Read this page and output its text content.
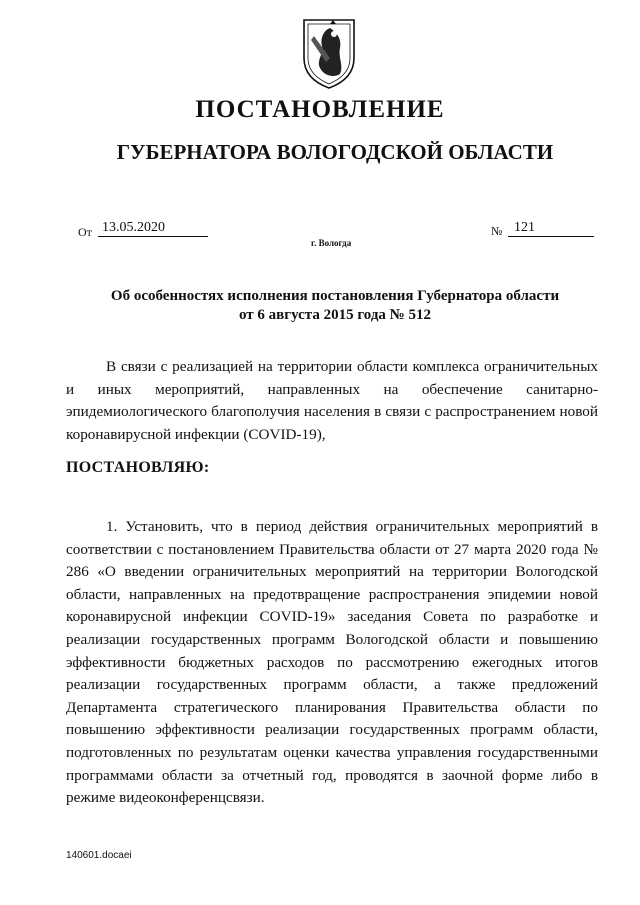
ПОСТАНОВЛЕНИЕ
ГУБЕРНАТОРА ВОЛОГОДСКОЙ ОБЛАСТИ
От 13.05.2020
г. Вологда
№ 121
Об особенностях исполнения постановления Губернатора области
от 6 августа 2015 года № 512
В связи с реализацией на территории области комплекса ограничительных и иных мероприятий, направленных на обеспечение санитарно-эпидемиологического благополучия населения в связи с распространением новой коронавирусной инфекции (COVID-19),
ПОСТАНОВЛЯЮ:
1. Установить, что в период действия ограничительных мероприятий в соответствии с постановлением Правительства области от 27 марта 2020 года № 286 «О введении ограничительных мероприятий на территории Вологодской области, направленных на предотвращение распространения эпидемии новой коронавирусной инфекции COVID-19» заседания Совета по разработке и реализации государственных программ Вологодской области и повышению эффективности бюджетных расходов по рассмотрению ежегодных итогов реализации государственных программ области, а также предложений Департамента стратегического планирования Правительства области по повышению эффективности реализации государственных программ области, подготовленных по результатам оценки качества управления государственными программами области за отчетный год, проводятся в заочной форме либо в режиме видеоконференцсвязи.
140601.docaei
